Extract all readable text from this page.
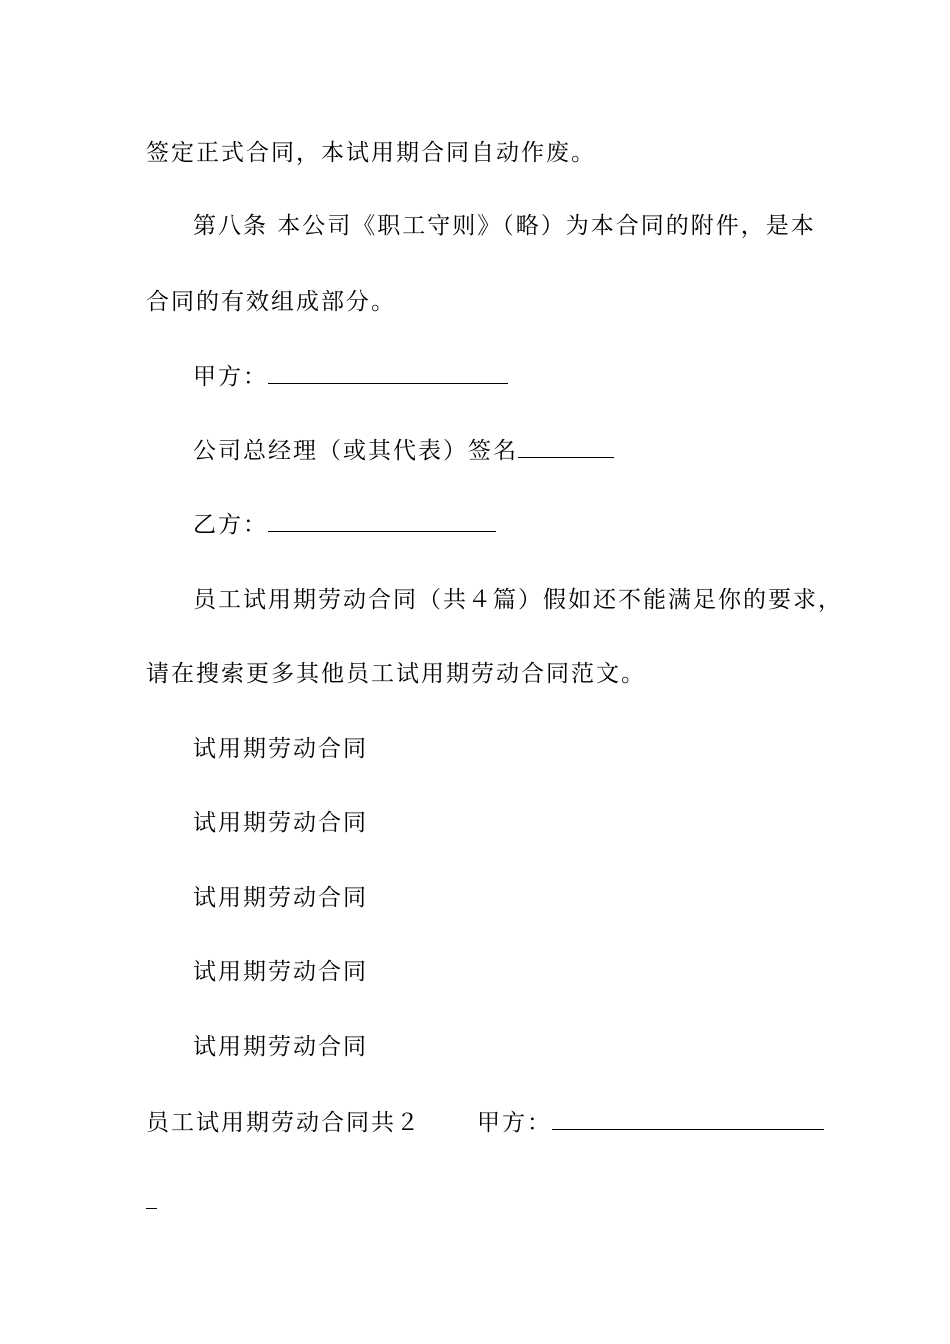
签定正式合同，本试用期合同自动作废。
第八条 本公司《职工守则》（略）为本合同的附件，是本
合同的有效组成部分。
甲方：
公司总经理（或其代表）签名
乙方：
员工试用期劳动合同（共４篇）假如还不能满足你的要求，
请在搜索更多其他员工试用期劳动合同范文。
试用期劳动合同
试用期劳动合同
试用期劳动合同
试用期劳动合同
试用期劳动合同
员工试用期劳动合同共２ 甲方：
